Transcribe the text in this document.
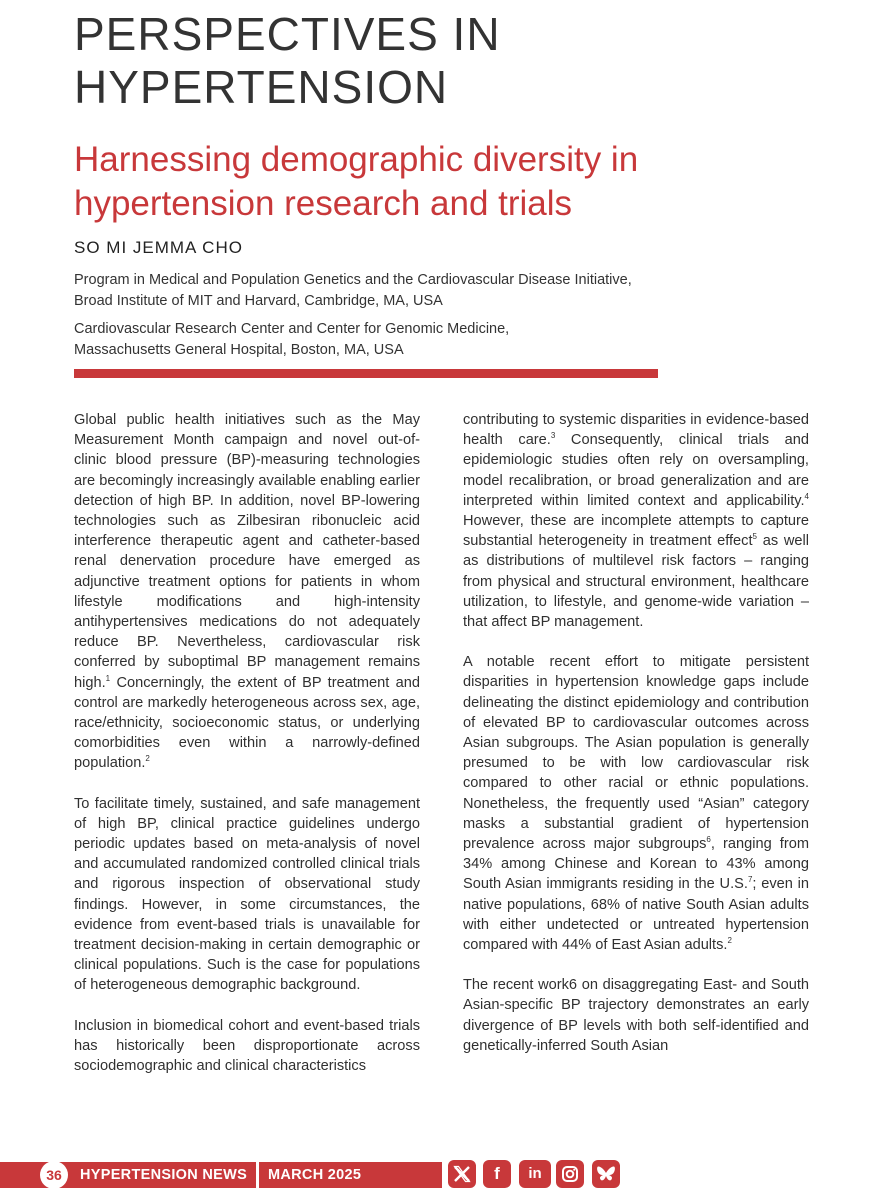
PERSPECTIVES IN
HYPERTENSION
Harnessing demographic diversity in
hypertension research and trials
SO MI JEMMA CHO
Program in Medical and Population Genetics and the Cardiovascular Disease Initiative,
Broad Institute of MIT and Harvard, Cambridge, MA, USA
Cardiovascular Research Center and Center for Genomic Medicine,
Massachusetts General Hospital, Boston, MA, USA

Global public health initiatives such as the May Measurement Month campaign and novel out-of-clinic blood pressure (BP)-measuring technologies are becomingly increasingly available enabling earlier detection of high BP. In addition, novel BP-lowering technologies such as Zilbesiran ribonucleic acid interference therapeutic agent and catheter-based renal denervation procedure have emerged as adjunctive treatment options for patients in whom lifestyle modifications and high-intensity antihypertensives medications do not adequately reduce BP. Nevertheless, cardiovascular risk conferred by suboptimal BP management remains high.$^1$ Concerningly, the extent of BP treatment and control are markedly heterogeneous across sex, age, race/ethnicity, socioeconomic status, or underlying comorbidities even within a narrowly-defined population.$^2$

To facilitate timely, sustained, and safe management of high BP, clinical practice guidelines undergo periodic updates based on meta-analysis of novel and accumulated randomized controlled clinical trials and rigorous inspection of observational study findings. However, in some circumstances, the evidence from event-based trials is unavailable for treatment decision-making in certain demographic or clinical populations. Such is the case for populations of heterogeneous demographic background.

Inclusion in biomedical cohort and event-based trials has historically been disproportionate across sociodemographic and clinical characteristics

contributing to systemic disparities in evidence-based health care.$^3$ Consequently, clinical trials and epidemiologic studies often rely on oversampling, model recalibration, or broad generalization and are interpreted within limited context and applicability.$^4$ However, these are incomplete attempts to capture substantial heterogeneity in treatment effect$^5$ as well as distributions of multilevel risk factors – ranging from physical and structural environment, healthcare utilization, to lifestyle, and genome-wide variation – that affect BP management.

A notable recent effort to mitigate persistent disparities in hypertension knowledge gaps include delineating the distinct epidemiology and contribution of elevated BP to cardiovascular outcomes across Asian subgroups. The Asian population is generally presumed to be with low cardiovascular risk compared to other racial or ethnic populations. Nonetheless, the frequently used “Asian” category masks a substantial gradient of hypertension prevalence across major subgroups$^6$, ranging from 34% among Chinese and Korean to 43% among South Asian immigrants residing in the U.S.$^7$; even in native populations, 68% of native South Asian adults with either undetected or untreated hypertension compared with 44% of East Asian adults.$^2$

The recent work6 on disaggregating East- and South Asian-specific BP trajectory demonstrates an early divergence of BP levels with both self-identified and genetically-inferred South Asian

36	HYPERTENSION NEWS MARCH 2025	f	in
